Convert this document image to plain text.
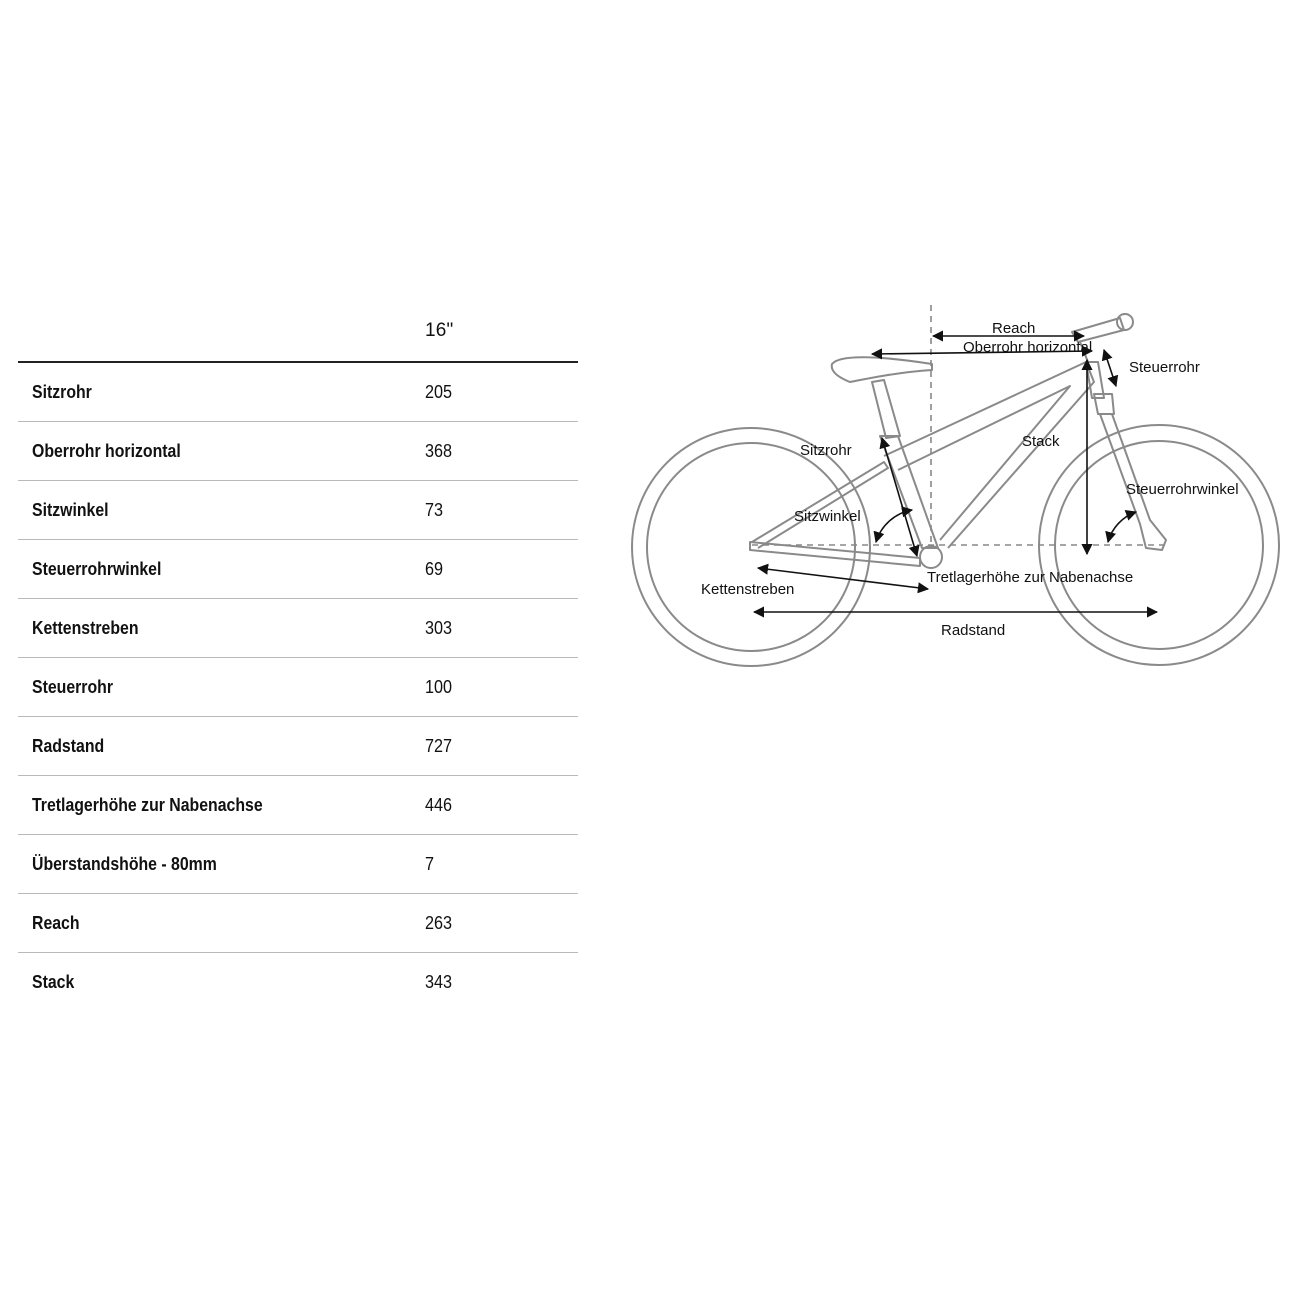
16"
Sitzrohr	205
Oberrohr horizontal	368
Sitzwinkel	73
Steuerrohrwinkel	69
Kettenstreben	303
Steuerrohr	100
Radstand	727
Tretlagerhöhe zur Nabenachse	446
Überstandshöhe - 80mm	7
Reach	263
Stack	343
Reach
Oberrohr horizontal
Steuerrohr
Sitzrohr
Stack
Steuerrohrwinkel
Sitzwinkel
Tretlagerhöhe zur Nabenachse
Kettenstreben
Radstand
